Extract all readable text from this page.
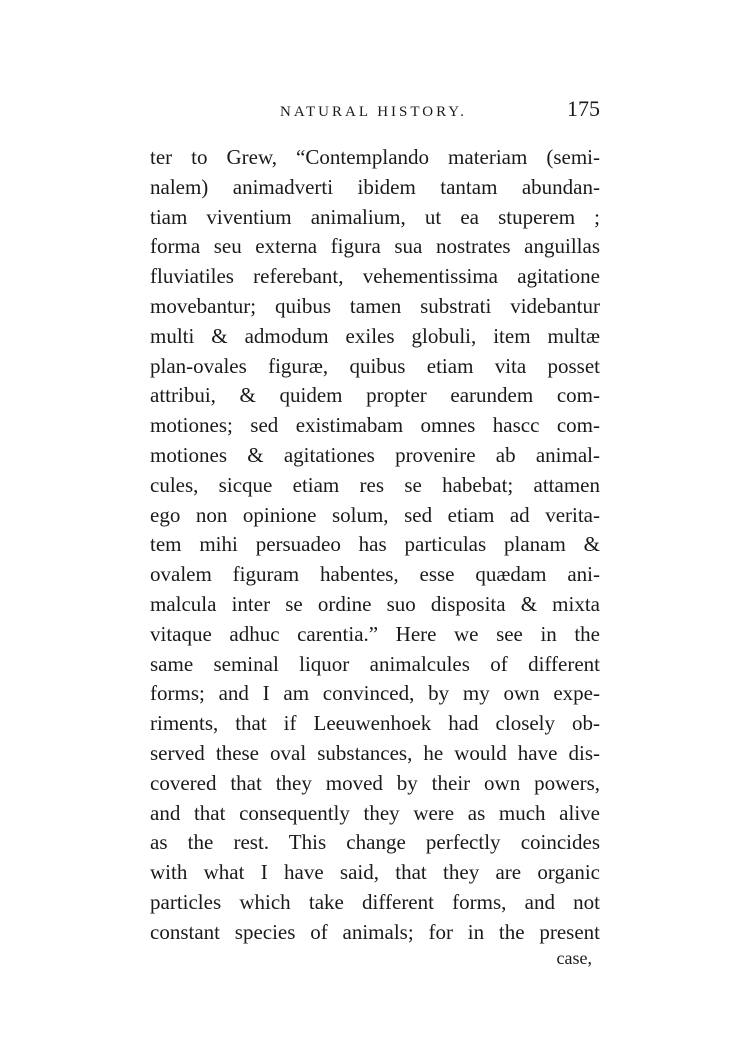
NATURAL HISTORY.	175
ter to Grew, “Contemplando materiam (semi-
nalem) animadverti ibidem tantam abundan-
tiam viventium animalium, ut ea stuperem ;
forma seu externa figura sua nostrates anguillas
fluviatiles referebant, vehementissima agitatione
movebantur; quibus tamen substrati videbantur
multi & admodum exiles globuli, item multæ
plan-ovales figuræ, quibus etiam vita posset
attribui, & quidem propter earundem com-
motiones; sed existimabam omnes hascc com-
motiones & agitationes provenire ab animal-
cules, sicque etiam res se habebat; attamen
ego non opinione solum, sed etiam ad verita-
tem mihi persuadeo has particulas planam &
ovalem figuram habentes, esse quædam ani-
malcula inter se ordine suo disposita & mixta
vitaque adhuc carentia.” Here we see in the
same seminal liquor animalcules of different
forms; and I am convinced, by my own expe-
riments, that if Leeuwenhoek had closely ob-
served these oval substances, he would have dis-
covered that they moved by their own powers,
and that consequently they were as much alive
as the rest. This change perfectly coincides
with what I have said, that they are organic
particles which take different forms, and not
constant species of animals; for in the present
case,
